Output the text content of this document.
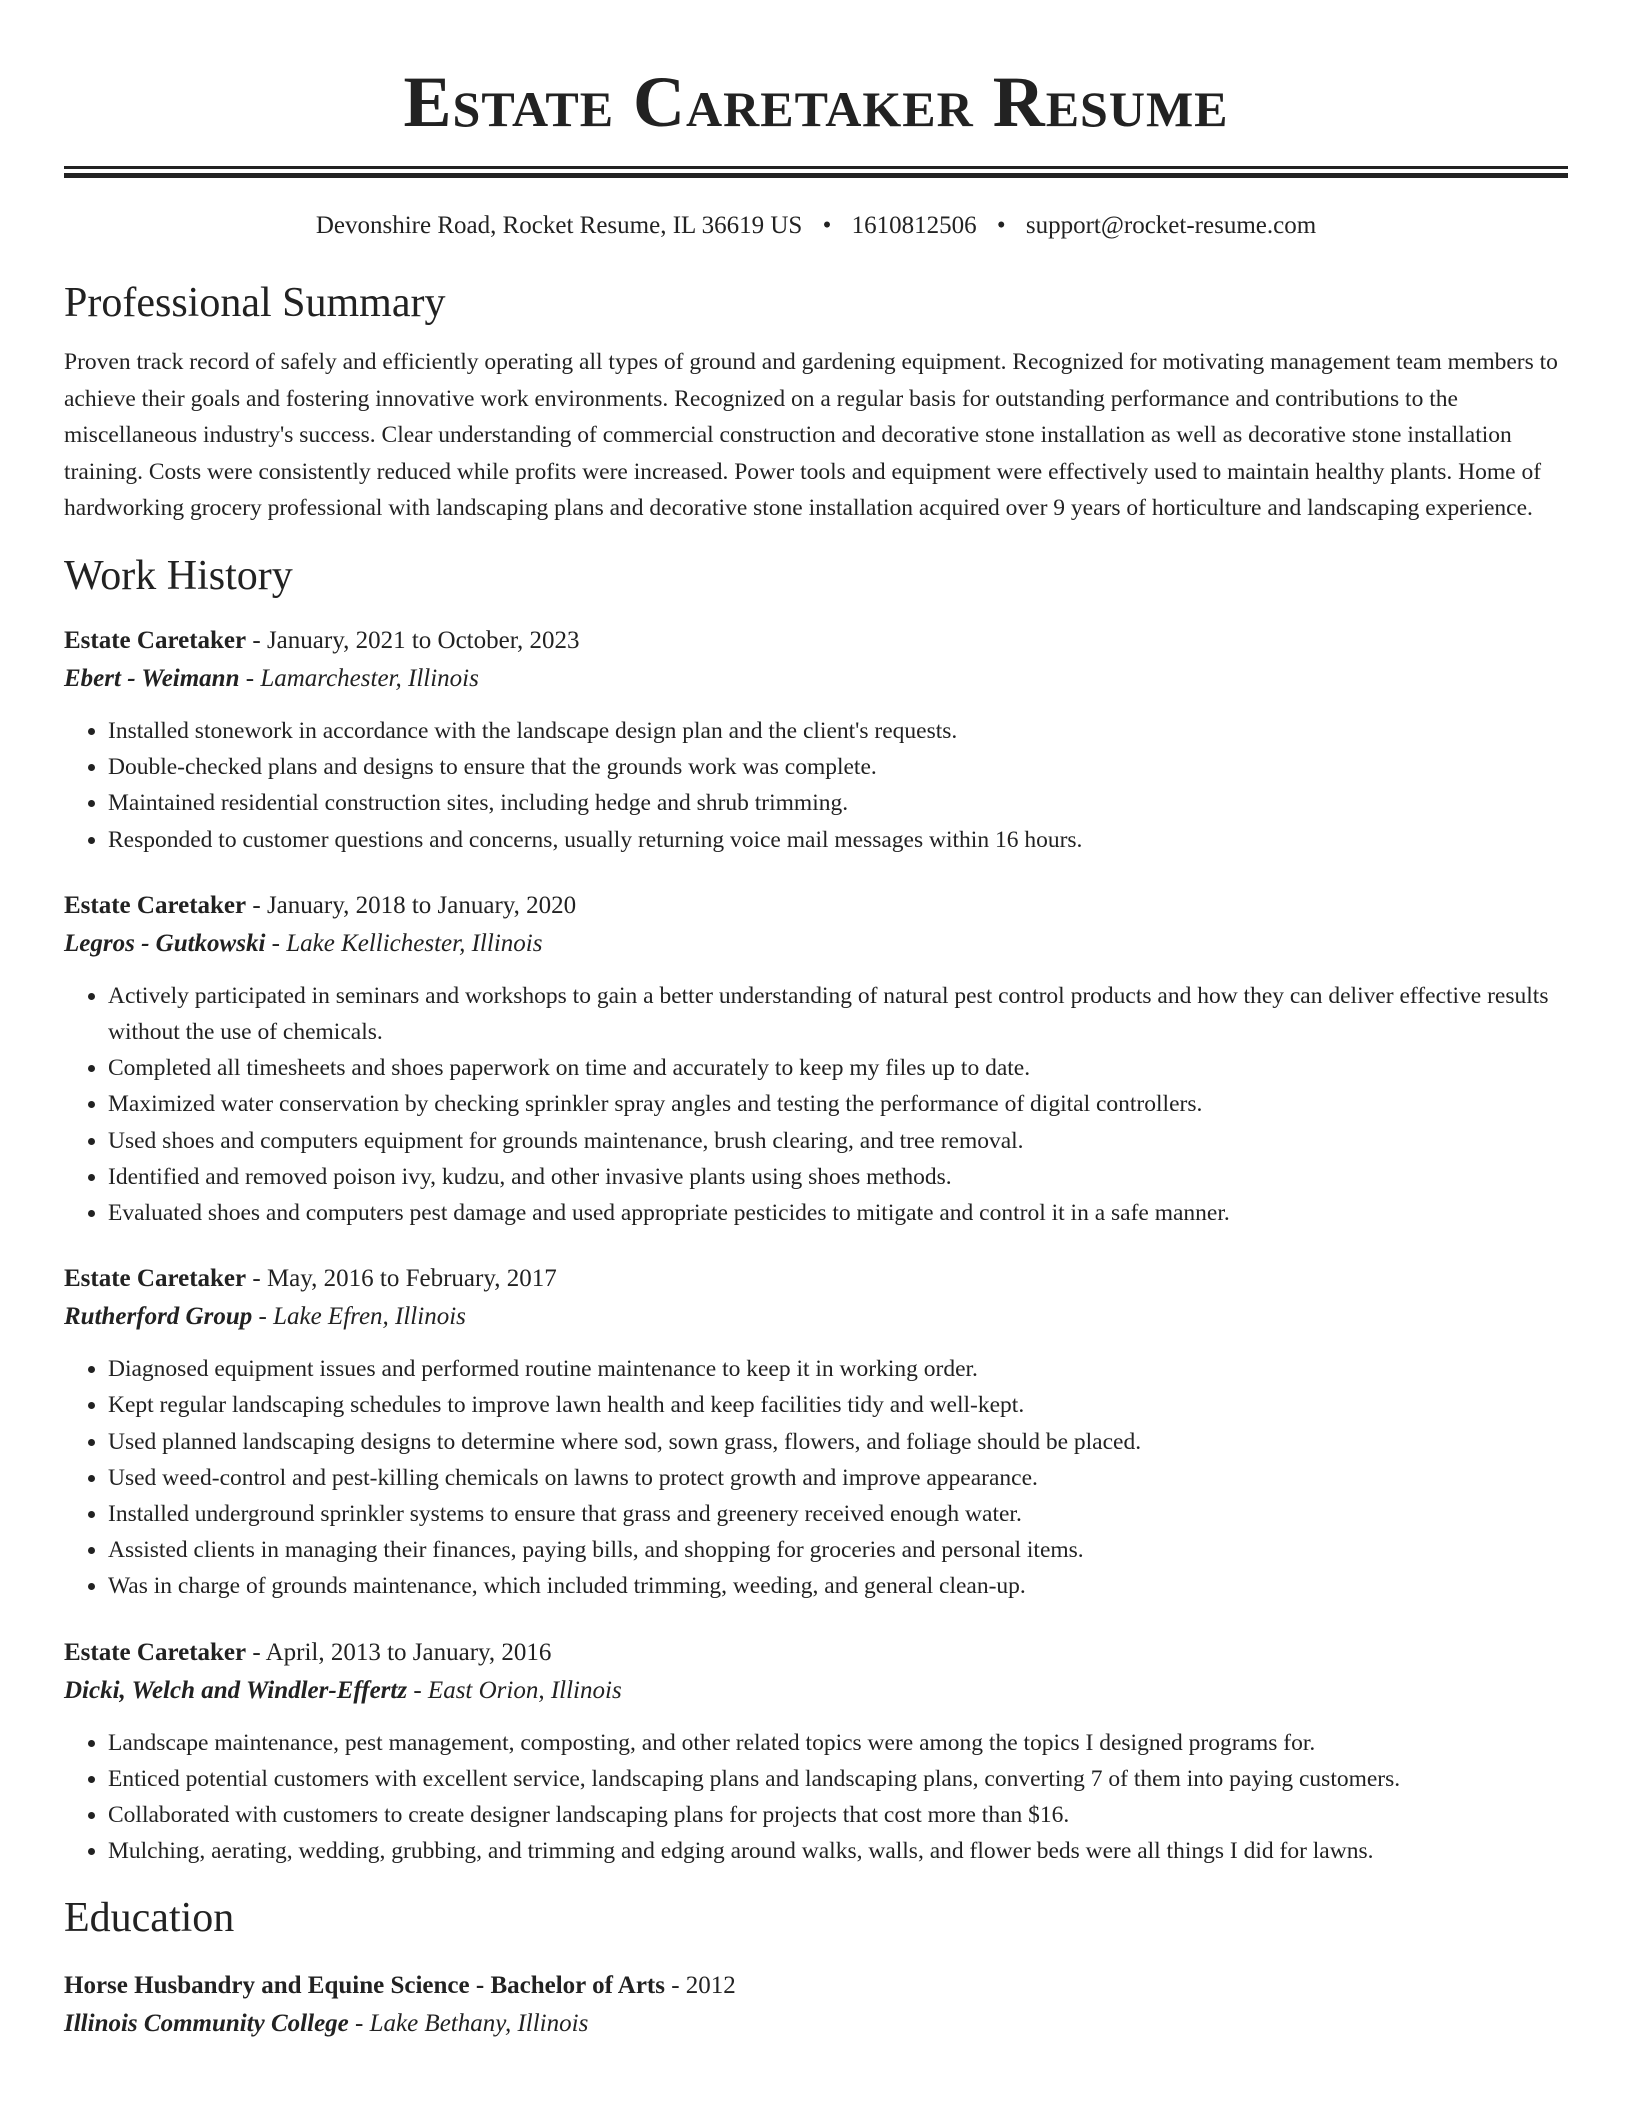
Estate Caretaker Resume
Devonshire Road, Rocket Resume, IL 36619 US • 1610812506 • support@rocket-resume.com
Professional Summary

Proven track record of safely and efficiently operating all types of ground and gardening equipment. Recognized for motivating management team members to achieve their goals and fostering innovative work environments. Recognized on a regular basis for outstanding performance and contributions to the miscellaneous industry's success. Clear understanding of commercial construction and decorative stone installation as well as decorative stone installation training. Costs were consistently reduced while profits were increased. Power tools and equipment were effectively used to maintain healthy plants. Home of hardworking grocery professional with landscaping plans and decorative stone installation acquired over 9 years of horticulture and landscaping experience.

Work History
Estate Caretaker - January, 2021 to October, 2023
Ebert - Weimann - Lamarchester, Illinois
• Installed stonework in accordance with the landscape design plan and the client's requests.
• Double-checked plans and designs to ensure that the grounds work was complete.
• Maintained residential construction sites, including hedge and shrub trimming.
• Responded to customer questions and concerns, usually returning voice mail messages within 16 hours.
Estate Caretaker - January, 2018 to January, 2020
Legros - Gutkowski - Lake Kellichester, Illinois
• Actively participated in seminars and workshops to gain a better understanding of natural pest control products and how they can deliver effective results without the use of chemicals.
• Completed all timesheets and shoes paperwork on time and accurately to keep my files up to date.
• Maximized water conservation by checking sprinkler spray angles and testing the performance of digital controllers.
• Used shoes and computers equipment for grounds maintenance, brush clearing, and tree removal.
• Identified and removed poison ivy, kudzu, and other invasive plants using shoes methods.
• Evaluated shoes and computers pest damage and used appropriate pesticides to mitigate and control it in a safe manner.
Estate Caretaker - May, 2016 to February, 2017
Rutherford Group - Lake Efren, Illinois
• Diagnosed equipment issues and performed routine maintenance to keep it in working order.
• Kept regular landscaping schedules to improve lawn health and keep facilities tidy and well-kept.
• Used planned landscaping designs to determine where sod, sown grass, flowers, and foliage should be placed.
• Used weed-control and pest-killing chemicals on lawns to protect growth and improve appearance.
• Installed underground sprinkler systems to ensure that grass and greenery received enough water.
• Assisted clients in managing their finances, paying bills, and shopping for groceries and personal items.
• Was in charge of grounds maintenance, which included trimming, weeding, and general clean-up.
Estate Caretaker - April, 2013 to January, 2016
Dicki, Welch and Windler-Effertz - East Orion, Illinois
• Landscape maintenance, pest management, composting, and other related topics were among the topics I designed programs for.
• Enticed potential customers with excellent service, landscaping plans and landscaping plans, converting 7 of them into paying customers.
• Collaborated with customers to create designer landscaping plans for projects that cost more than $16.
• Mulching, aerating, wedding, grubbing, and trimming and edging around walks, walls, and flower beds were all things I did for lawns.
Education
Horse Husbandry and Equine Science - Bachelor of Arts - 2012
Illinois Community College - Lake Bethany, Illinois
